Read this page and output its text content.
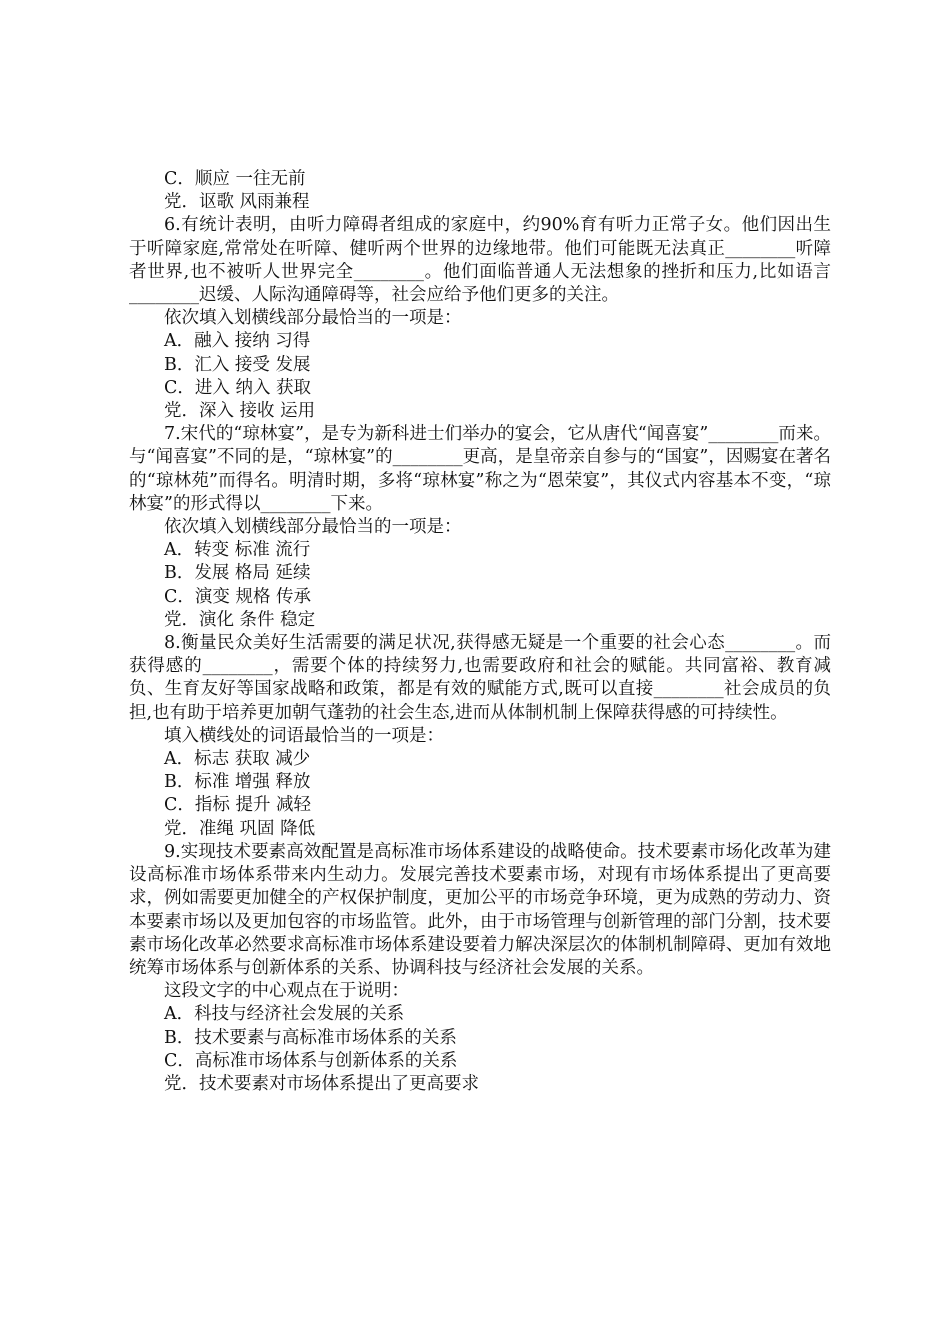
C．顺应 一往无前

党．讴歌 风雨兼程

6.有统计表明，由听力障碍者组成的家庭中，约90%育有听力正常子女。他们因出生于听障家庭,常常处在听障、健听两个世界的边缘地带。他们可能既无法真正________听障者世界,也不被听人世界完全________。他们面临普通人无法想象的挫折和压力,比如语言________迟缓、人际沟通障碍等，社会应给予他们更多的关注。

依次填入划横线部分最恰当的一项是：

A．融入 接纳 习得

B．汇入 接受 发展

C．进入 纳入 获取

党．深入 接收 运用

7.宋代的“琼林宴”，是专为新科进士们举办的宴会，它从唐代“闻喜宴”________而来。与“闻喜宴”不同的是，“琼林宴”的________更高，是皇帝亲自参与的“国宴”，因赐宴在著名的“琼林苑”而得名。明清时期，多将“琼林宴”称之为“恩荣宴”，其仪式内容基本不变，“琼林宴”的形式得以________下来。

依次填入划横线部分最恰当的一项是：

A．转变 标准 流行

B．发展 格局 延续

C．演变 规格 传承

党．演化 条件 稳定

8.衡量民众美好生活需要的满足状况,获得感无疑是一个重要的社会心态________。而获得感的________，需要个体的持续努力,也需要政府和社会的赋能。共同富裕、教育减负、生育友好等国家战略和政策，都是有效的赋能方式,既可以直接________社会成员的负担,也有助于培养更加朝气蓬勃的社会生态,进而从体制机制上保障获得感的可持续性。

填入横线处的词语最恰当的一项是：

A．标志 获取 减少

B．标准 增强 释放

C．指标 提升 减轻

党．准绳 巩固 降低

9.实现技术要素高效配置是高标准市场体系建设的战略使命。技术要素市场化改革为建设高标准市场体系带来内生动力。发展完善技术要素市场，对现有市场体系提出了更高要求，例如需要更加健全的产权保护制度，更加公平的市场竞争环境，更为成熟的劳动力、资本要素市场以及更加包容的市场监管。此外，由于市场管理与创新管理的部门分割，技术要素市场化改革必然要求高标准市场体系建设要着力解决深层次的体制机制障碍、更加有效地统筹市场体系与创新体系的关系、协调科技与经济社会发展的关系。

这段文字的中心观点在于说明：

A．科技与经济社会发展的关系

B．技术要素与高标准市场体系的关系

C．高标准市场体系与创新体系的关系

党．技术要素对市场体系提出了更高要求
